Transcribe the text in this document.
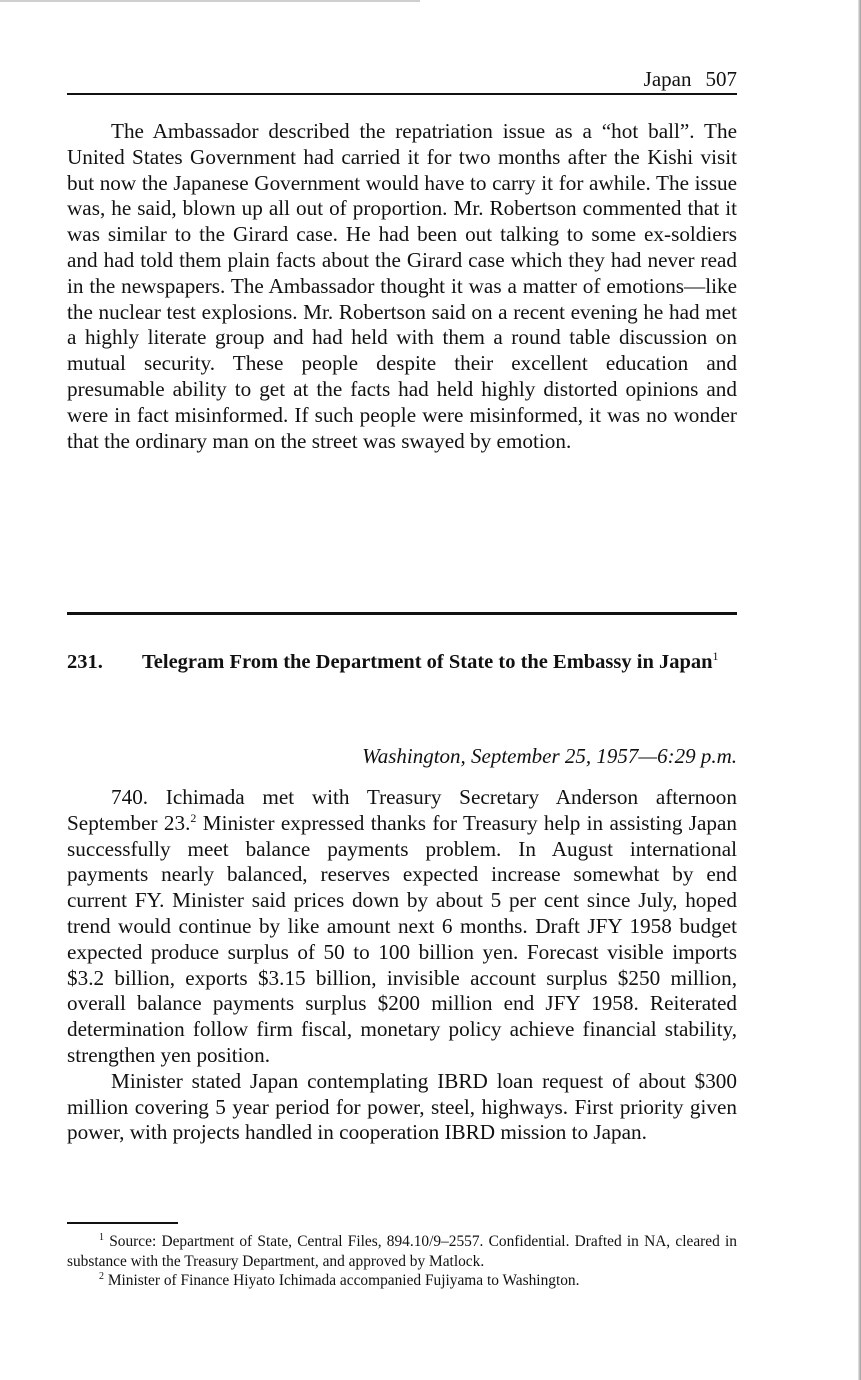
Japan 507

The Ambassador described the repatriation issue as a “hot ball”. The United States Government had carried it for two months after the Kishi visit but now the Japanese Government would have to carry it for awhile. The issue was, he said, blown up all out of proportion. Mr. Robertson commented that it was similar to the Girard case. He had been out talking to some ex-soldiers and had told them plain facts about the Girard case which they had never read in the newspapers. The Ambassador thought it was a matter of emotions—like the nuclear test explosions. Mr. Robertson said on a recent evening he had met a highly literate group and had held with them a round table discussion on mutual security. These people despite their excellent education and presumable ability to get at the facts had held highly distorted opinions and were in fact misinformed. If such people were misinformed, it was no wonder that the ordinary man on the street was swayed by emotion.

231. Telegram From the Department of State to the Embassy in Japan$^1$
Washington, September 25, 1957—6:29 p.m.

740. Ichimada met with Treasury Secretary Anderson afternoon September 23.$^2$ Minister expressed thanks for Treasury help in assisting Japan successfully meet balance payments problem. In August international payments nearly balanced, reserves expected increase somewhat by end current FY. Minister said prices down by about 5 per cent since July, hoped trend would continue by like amount next 6 months. Draft JFY 1958 budget expected produce surplus of 50 to 100 billion yen. Forecast visible imports $3.2 billion, exports $3.15 billion, invisible account surplus $250 million, overall balance payments surplus $200 million end JFY 1958. Reiterated determination follow firm fiscal, monetary policy achieve financial stability, strengthen yen position.

Minister stated Japan contemplating IBRD loan request of about $300 million covering 5 year period for power, steel, highways. First priority given power, with projects handled in cooperation IBRD mission to Japan.

$^1$ Source: Department of State, Central Files, 894.10/9–2557. Confidential. Drafted in NA, cleared in substance with the Treasury Department, and approved by Matlock.

$^2$ Minister of Finance Hiyato Ichimada accompanied Fujiyama to Washington.
